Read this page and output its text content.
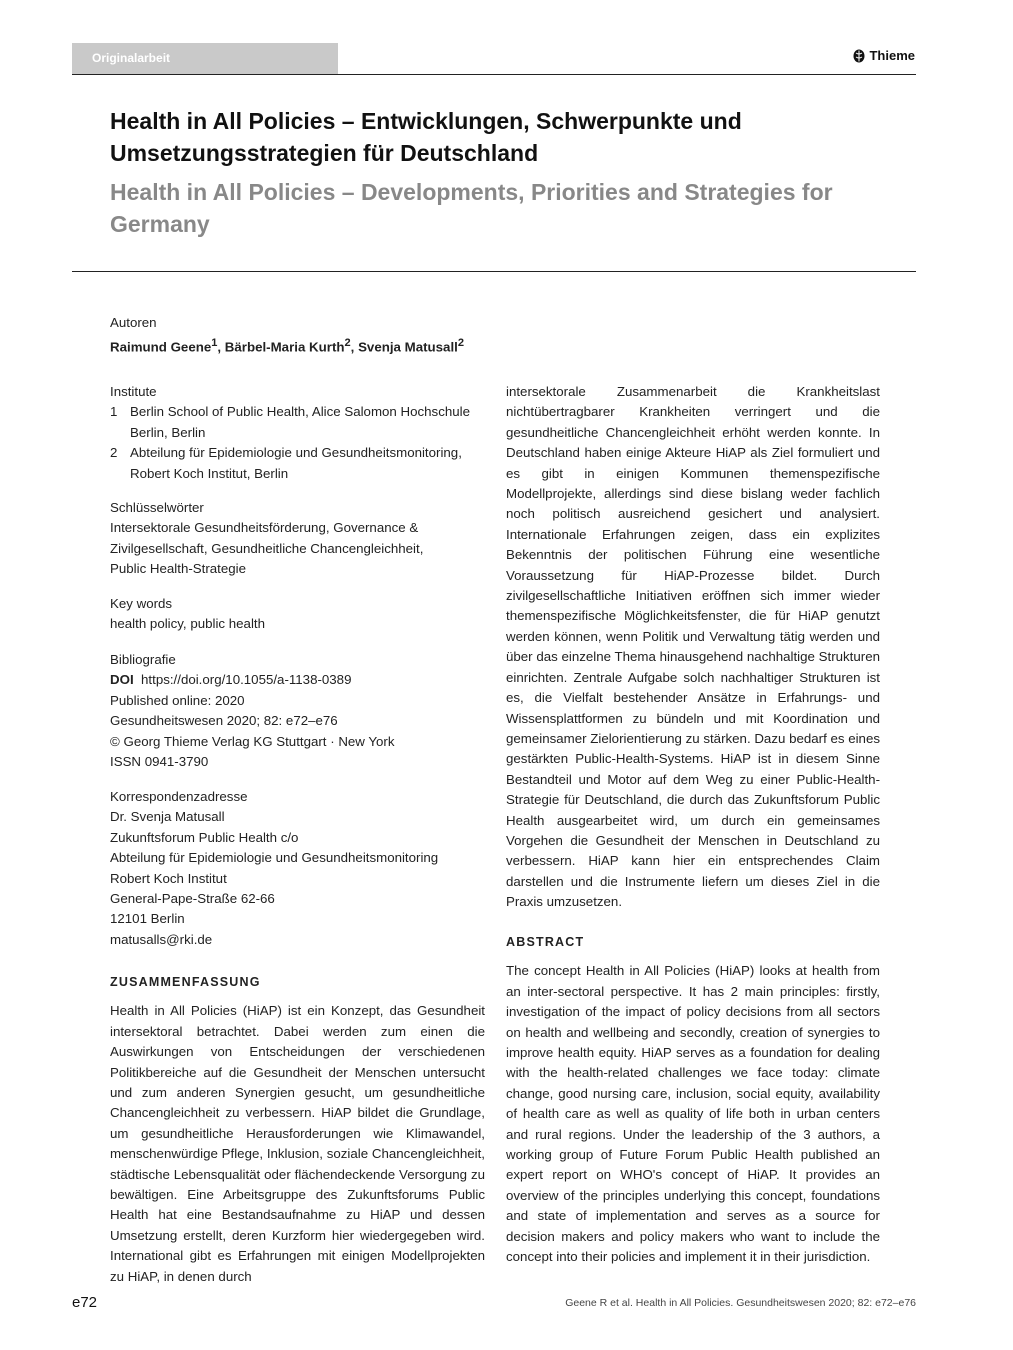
Originalarbeit	Thieme
Health in All Policies – Entwicklungen, Schwerpunkte und Umsetzungsstrategien für Deutschland
Health in All Policies – Developments, Priorities and Strategies for Germany

Autoren

Raimund Geene$^1$, Bärbel-Maria Kurth$^2$, Svenja Matusall$^2$

Institute

1 Berlin School of Public Health, Alice Salomon Hochschule Berlin, Berlin
2 Abteilung für Epidemiologie und Gesundheitsmonitoring, Robert Koch Institut, Berlin

Schlüsselwörter

Intersektorale Gesundheitsförderung, Governance & Zivilgesellschaft, Gesundheitliche Chancengleichheit, Public Health-Strategie

Key words

health policy, public health

Bibliografie

DOI https://doi.org/10.1055/a-1138-0389

Published online: 2020

Gesundheitswesen 2020; 82: e72–e76

© Georg Thieme Verlag KG Stuttgart · New York

ISSN 0941-3790

Korrespondenzadresse

Dr. Svenja Matusall

Zukunftsforum Public Health c/o

Abteilung für Epidemiologie und Gesundheitsmonitoring

Robert Koch Institut

General-Pape-Straße 62-66

12101 Berlin

matusalls@rki.de

ZUSAMMENFASSUNG

Health in All Policies (HiAP) ist ein Konzept, das Gesundheit intersektoral betrachtet. Dabei werden zum einen die Auswirkungen von Entscheidungen der verschiedenen Politikbereiche auf die Gesundheit der Menschen untersucht und zum anderen Synergien gesucht, um gesundheitliche Chancengleichheit zu verbessern. HiAP bildet die Grundlage, um gesundheitliche Herausforderungen wie Klimawandel, menschenwürdige Pflege, Inklusion, soziale Chancengleichheit, städtische Lebensqualität oder flächendeckende Versorgung zu bewältigen. Eine Arbeitsgruppe des Zukunftsforums Public Health hat eine Bestandsaufnahme zu HiAP und dessen Umsetzung erstellt, deren Kurzform hier wiedergegeben wird. International gibt es Erfahrungen mit einigen Modellprojekten zu HiAP, in denen durch

intersektorale Zusammenarbeit die Krankheitslast nichtübertragbarer Krankheiten verringert und die gesundheitliche Chancengleichheit erhöht werden konnte. In Deutschland haben einige Akteure HiAP als Ziel formuliert und es gibt in einigen Kommunen themenspezifische Modellprojekte, allerdings sind diese bislang weder fachlich noch politisch ausreichend gesichert und analysiert. Internationale Erfahrungen zeigen, dass ein explizites Bekenntnis der politischen Führung eine wesentliche Voraussetzung für HiAP-Prozesse bildet. Durch zivilgesellschaftliche Initiativen eröffnen sich immer wieder themenspezifische Möglichkeitsfenster, die für HiAP genutzt werden können, wenn Politik und Verwaltung tätig werden und über das einzelne Thema hinausgehend nachhaltige Strukturen einrichten. Zentrale Aufgabe solch nachhaltiger Strukturen ist es, die Vielfalt bestehender Ansätze in Erfahrungs- und Wissensplattformen zu bündeln und mit Koordination und gemeinsamer Zielorientierung zu stärken. Dazu bedarf es eines gestärkten Public-Health-Systems. HiAP ist in diesem Sinne Bestandteil und Motor auf dem Weg zu einer Public-Health-Strategie für Deutschland, die durch das Zukunftsforum Public Health ausgearbeitet wird, um durch ein gemeinsames Vorgehen die Gesundheit der Menschen in Deutschland zu verbessern. HiAP kann hier ein entsprechendes Claim darstellen und die Instrumente liefern um dieses Ziel in die Praxis umzusetzen.

ABSTRACT

The concept Health in All Policies (HiAP) looks at health from an inter-sectoral perspective. It has 2 main principles: firstly, investigation of the impact of policy decisions from all sectors on health and wellbeing and secondly, creation of synergies to improve health equity. HiAP serves as a foundation for dealing with the health-related challenges we face today: climate change, good nursing care, inclusion, social equity, availability of health care as well as quality of life both in urban centers and rural regions. Under the leadership of the 3 authors, a working group of Future Forum Public Health published an expert report on WHO's concept of HiAP. It provides an overview of the principles underlying this concept, foundations and state of implementation and serves as a source for decision makers and policy makers who want to include the concept into their policies and implement it in their jurisdiction.

e72	Geene R et al. Health in All Policies. Gesundheitswesen 2020; 82: e72–e76
